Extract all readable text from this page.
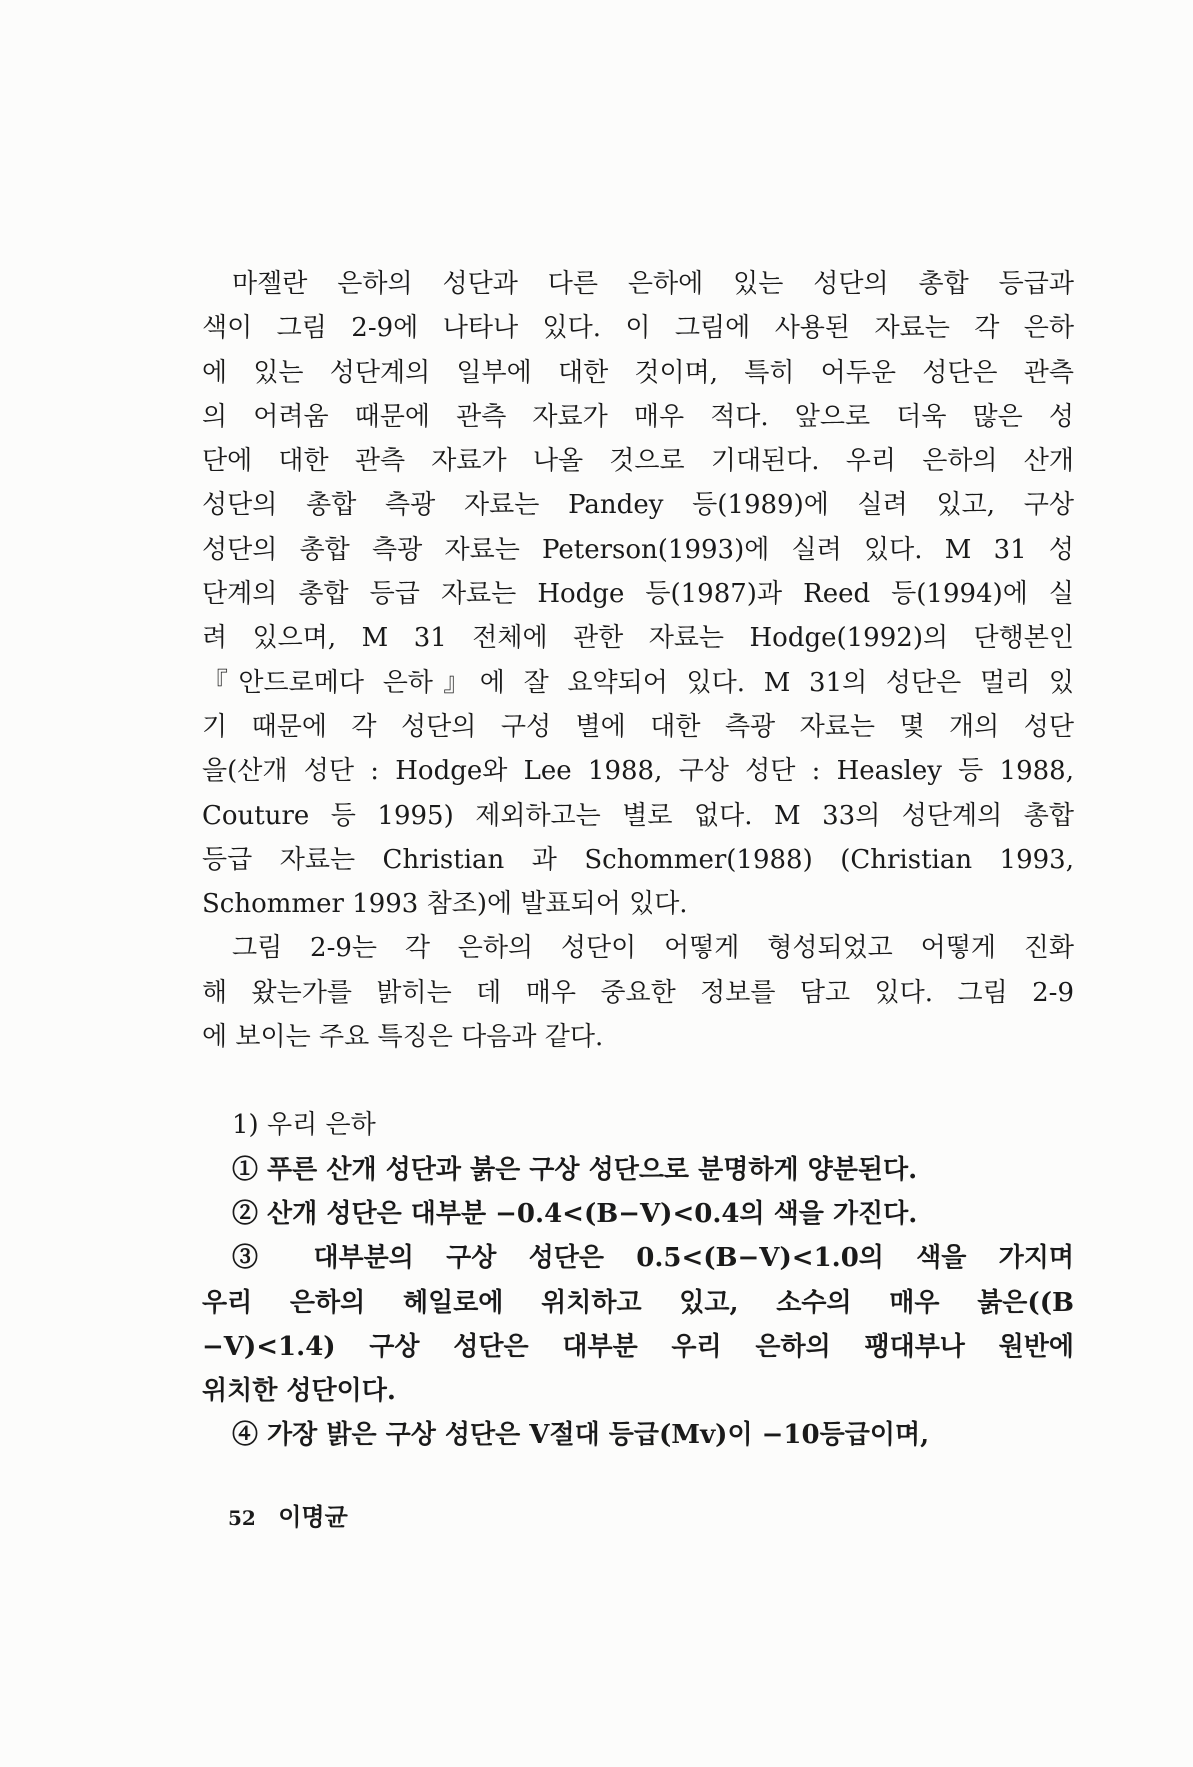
마젤란 은하의 성단과 다른 은하에 있는 성단의 총합 등급과
색이 그림 2-9에 나타나 있다. 이 그림에 사용된 자료는 각 은하
에 있는 성단계의 일부에 대한 것이며, 특히 어두운 성단은 관측
의 어려움 때문에 관측 자료가 매우 적다. 앞으로 더욱 많은 성
단에 대한 관측 자료가 나올 것으로 기대된다. 우리 은하의 산개
성단의 총합 측광 자료는 Pandey 등(1989)에 실려 있고, 구상
성단의 총합 측광 자료는 Peterson(1993)에 실려 있다. M 31 성
단계의 총합 등급 자료는 Hodge 등(1987)과 Reed 등(1994)에 실
려 있으며, M 31 전체에 관한 자료는 Hodge(1992)의 단행본인
『안드로메다 은하』에 잘 요약되어 있다. M 31의 성단은 멀리 있
기 때문에 각 성단의 구성 별에 대한 측광 자료는 몇 개의 성단
을(산개 성단 : Hodge와 Lee 1988, 구상 성단 : Heasley 등 1988,
Couture 등 1995) 제외하고는 별로 없다. M 33의 성단계의 총합
등급 자료는 Christian 과 Schommer(1988) (Christian 1993,
Schommer 1993 참조)에 발표되어 있다.
그림 2-9는 각 은하의 성단이 어떻게 형성되었고 어떻게 진화
해 왔는가를 밝히는 데 매우 중요한 정보를 담고 있다. 그림 2-9
에 보이는 주요 특징은 다음과 같다.
1) 우리 은하
① 푸른 산개 성단과 붉은 구상 성단으로 분명하게 양분된다.
② 산개 성단은 대부분 −0.4<(B−V)<0.4의 색을 가진다.
③ 대부분의 구상 성단은 0.5<(B−V)<1.0의 색을 가지며
우리 은하의 헤일로에 위치하고 있고, 소수의 매우 붉은((B
−V)<1.4) 구상 성단은 대부분 우리 은하의 팽대부나 원반에
위치한 성단이다.
④ 가장 밝은 구상 성단은 V절대 등급(Mv)이 −10등급이며,
52 이명균
